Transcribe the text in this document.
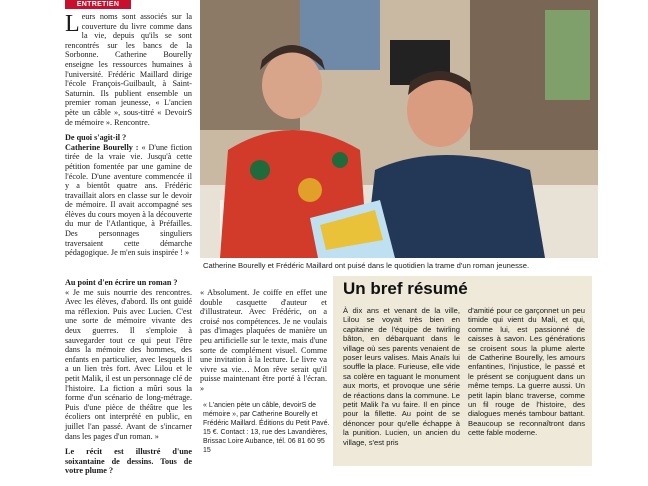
ENTRETIEN

Leurs noms sont associés sur la couverture du livre comme dans la vie, depuis qu'ils se sont rencontrés sur les bancs de la Sorbonne. Catherine Bourelly enseigne les ressources humaines à l'université. Frédéric Maillard dirige l'école François-Guilbault, à Saint-Saturnin. Ils publient ensemble un premier roman jeunesse, « L'ancien pète un câble », sous-titré « DevoirS de mémoire ». Rencontre.

De quoi s'agit-il ?

Catherine Bourelly : « D'une fiction tirée de la vraie vie. Jusqu'à cette pétition fomentée par une gamine de l'école. D'une aventure commencée il y a bientôt quatre ans. Frédéric travaillait alors en classe sur le devoir de mémoire. Il avait accompagné ses élèves du cours moyen à la découverte du mur de l'Atlantique, à Préfailles. Des personnages singuliers traversaient cette démarche pédagogique. Je m'en suis inspirée ! »

Catherine Bourelly et Frédéric Maillard ont puisé dans le quotidien la trame d'un roman jeunesse.

Au point d'en écrire un roman ?

« Je me suis nourrie des rencontres. Avec les élèves, d'abord. Ils ont guidé ma réflexion. Puis avec Lucien. C'est une sorte de mémoire vivante des deux guerres. Il s'emploie à sauvegarder tout ce qui peut l'être dans la mémoire des hommes, des enfants en particulier, avec lesquels il a un lien très fort. Avec Lilou et le petit Malik, il est un personnage clé de l'histoire. La fiction a mûri sous la forme d'un scénario de long-métrage. Puis d'une pièce de théâtre que les écoliers ont interprété en public, en juillet l'an passé. Avant de s'incarner dans les pages d'un roman. »

Le récit est illustré d'une soixantaine de dessins. Tous de votre plume ?

« Absolument. Je coiffe en effet une double casquette d'auteur et d'illustrateur. Avec Frédéric, on a croisé nos compétences. Je ne voulais pas d'images plaquées de manière un peu artificielle sur le texte, mais d'une sorte de complément visuel. Comme une invitation à la lecture. Le livre va vivre sa vie… Mon rêve serait qu'il puisse maintenant être porté à l'écran. »

« L'ancien pète un câble, devoirS de mémoire », par Catherine Bourelly et Frédéric Maillard. Éditions du Petit Pavé. 15 €. Contact : 13, rue des Lavandières, Brissac Loire Aubance, tél. 06 81 60 95 15
Un bref résumé

À dix ans et venant de la ville, Lilou se voyait très bien en capitaine de l'équipe de twirling bâton, en débarquant dans le village où ses parents venaient de poser leurs valises. Mais Anaïs lui souffle la place. Furieuse, elle vide sa colère en taguant le monument aux morts, et provoque une série de réactions dans la commune. Le petit Malik l'a vu faire. Il en pince pour la fillette. Au point de se dénoncer pour qu'elle échappe à la punition. Lucien, un ancien du village, s'est pris

d'amitié pour ce garçonnet un peu timide qui vient du Mali, et qui, comme lui, est passionné de caisses à savon. Les générations se croisent sous la plume alerte de Catherine Bourelly, les amours enfantines, l'injustice, le passé et le présent se conjuguent dans un même temps. La guerre aussi. Un petit lapin blanc traverse, comme un fil rouge de l'histoire, des dialogues menés tambour battant. Beaucoup se reconnaîtront dans cette fable moderne.
